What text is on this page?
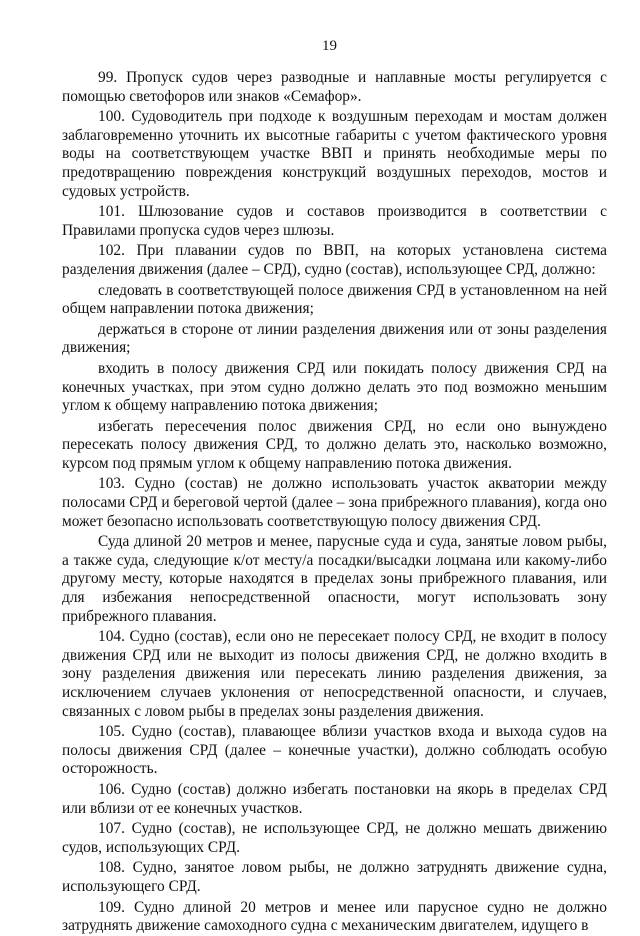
19

99. Пропуск судов через разводные и наплавные мосты регулируется с помощью светофоров или знаков «Семафор».

100. Судоводитель при подходе к воздушным переходам и мостам должен заблаговременно уточнить их высотные габариты с учетом фактического уровня воды на соответствующем участке ВВП и принять необходимые меры по предотвращению повреждения конструкций воздушных переходов, мостов и судовых устройств.

101. Шлюзование судов и составов производится в соответствии с Правилами пропуска судов через шлюзы.

102. При плавании судов по ВВП, на которых установлена система разделения движения (далее – СРД), судно (состав), использующее СРД, должно:

следовать в соответствующей полосе движения СРД в установленном на ней общем направлении потока движения;

держаться в стороне от линии разделения движения или от зоны разделения движения;

входить в полосу движения СРД или покидать полосу движения СРД на конечных участках, при этом судно должно делать это под возможно меньшим углом к общему направлению потока движения;

избегать пересечения полос движения СРД, но если оно вынуждено пересекать полосу движения СРД, то должно делать это, насколько возможно, курсом под прямым углом к общему направлению потока движения.

103. Судно (состав) не должно использовать участок акватории между полосами СРД и береговой чертой (далее – зона прибрежного плавания), когда оно может безопасно использовать соответствующую полосу движения СРД.

Суда длиной 20 метров и менее, парусные суда и суда, занятые ловом рыбы, а также суда, следующие к/от месту/а посадки/высадки лоцмана или какому-либо другому месту, которые находятся в пределах зоны прибрежного плавания, или для избежания непосредственной опасности, могут использовать зону прибрежного плавания.

104. Судно (состав), если оно не пересекает полосу СРД, не входит в полосу движения СРД или не выходит из полосы движения СРД, не должно входить в зону разделения движения или пересекать линию разделения движения, за исключением случаев уклонения от непосредственной опасности, и случаев, связанных с ловом рыбы в пределах зоны разделения движения.

105. Судно (состав), плавающее вблизи участков входа и выхода судов на полосы движения СРД (далее – конечные участки), должно соблюдать особую осторожность.

106. Судно (состав) должно избегать постановки на якорь в пределах СРД или вблизи от ее конечных участков.

107. Судно (состав), не использующее СРД, не должно мешать движению судов, использующих СРД.

108. Судно, занятое ловом рыбы, не должно затруднять движение судна, использующего СРД.

109. Судно длиной 20 метров и менее или парусное судно не должно затруднять движение самоходного судна с механическим двигателем, идущего в
